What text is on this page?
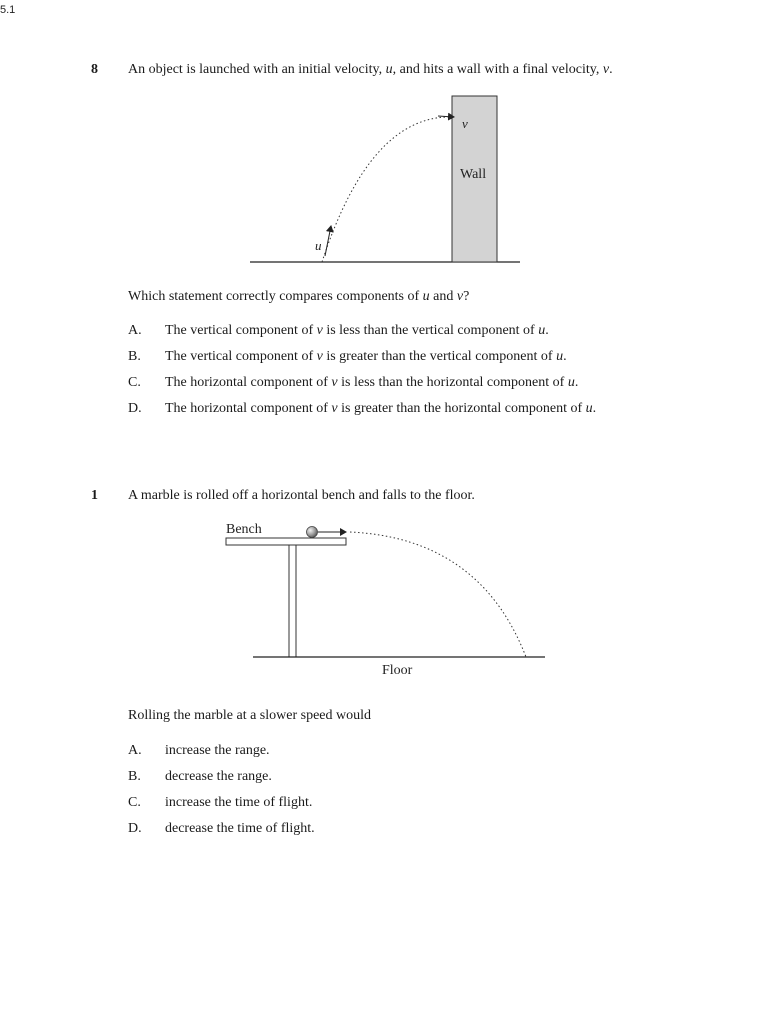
5.1
8 An object is launched with an initial velocity, u, and hits a wall with a final velocity, v.
u
v
Wall
Which statement correctly compares components of u and v?
A. The vertical component of v is less than the vertical component of u.
B. The vertical component of v is greater than the vertical component of u.
C. The horizontal component of v is less than the horizontal component of u.
D. The horizontal component of v is greater than the horizontal component of u.
1 A marble is rolled off a horizontal bench and falls to the floor.
Bench
Floor
Rolling the marble at a slower speed would
A. increase the range.
B. decrease the range.
C. increase the time of flight.
D. decrease the time of flight.
